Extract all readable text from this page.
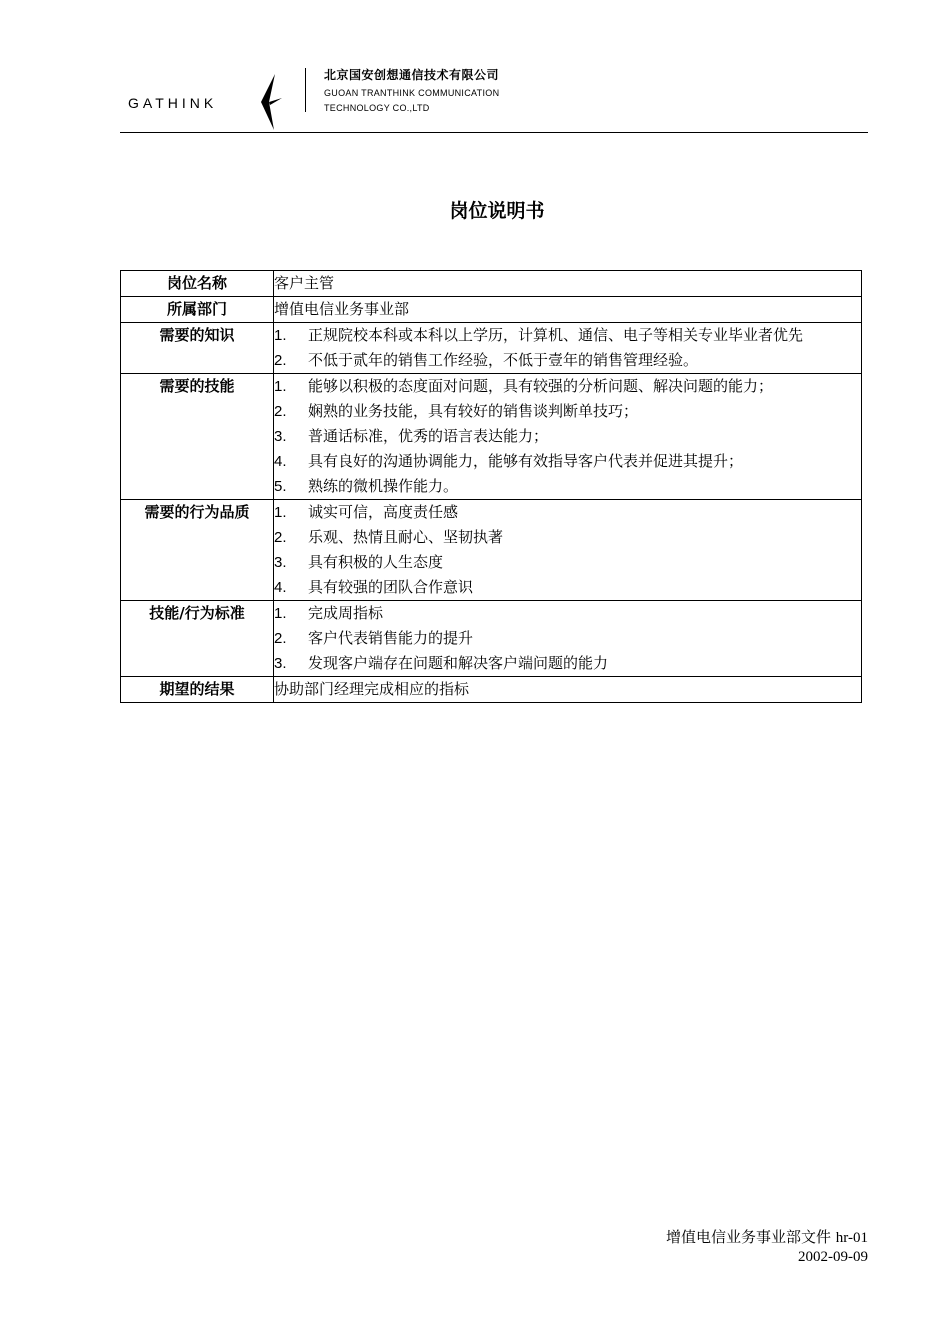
GATHINK
北京国安创想通信技术有限公司
GUOAN TRANTHINK COMMUNICATION
TECHNOLOGY CO.,LTD
岗位说明书
岗位名称	客户主管
所属部门	增值电信业务事业部
需要的知识	1. 正规院校本科或本科以上学历，计算机、通信、电子等相关专业毕业者优先
2. 不低于贰年的销售工作经验，不低于壹年的销售管理经验。

需要的技能	1. 能够以积极的态度面对问题，具有较强的分析问题、解决问题的能力；
2. 娴熟的业务技能，具有较好的销售谈判断单技巧；
3. 普通话标准，优秀的语言表达能力；
4. 具有良好的沟通协调能力，能够有效指导客户代表并促进其提升；
5. 熟练的微机操作能力。

需要的行为品质	1. 诚实可信，高度责任感
2. 乐观、热情且耐心、坚韧执著
3. 具有积极的人生态度
4. 具有较强的团队合作意识

技能/行为标准	1. 完成周指标
2. 客户代表销售能力的提升
3. 发现客户端存在问题和解决客户端问题的能力

期望的结果	协助部门经理完成相应的指标
增值电信业务事业部文件 hr-01
2002-09-09
